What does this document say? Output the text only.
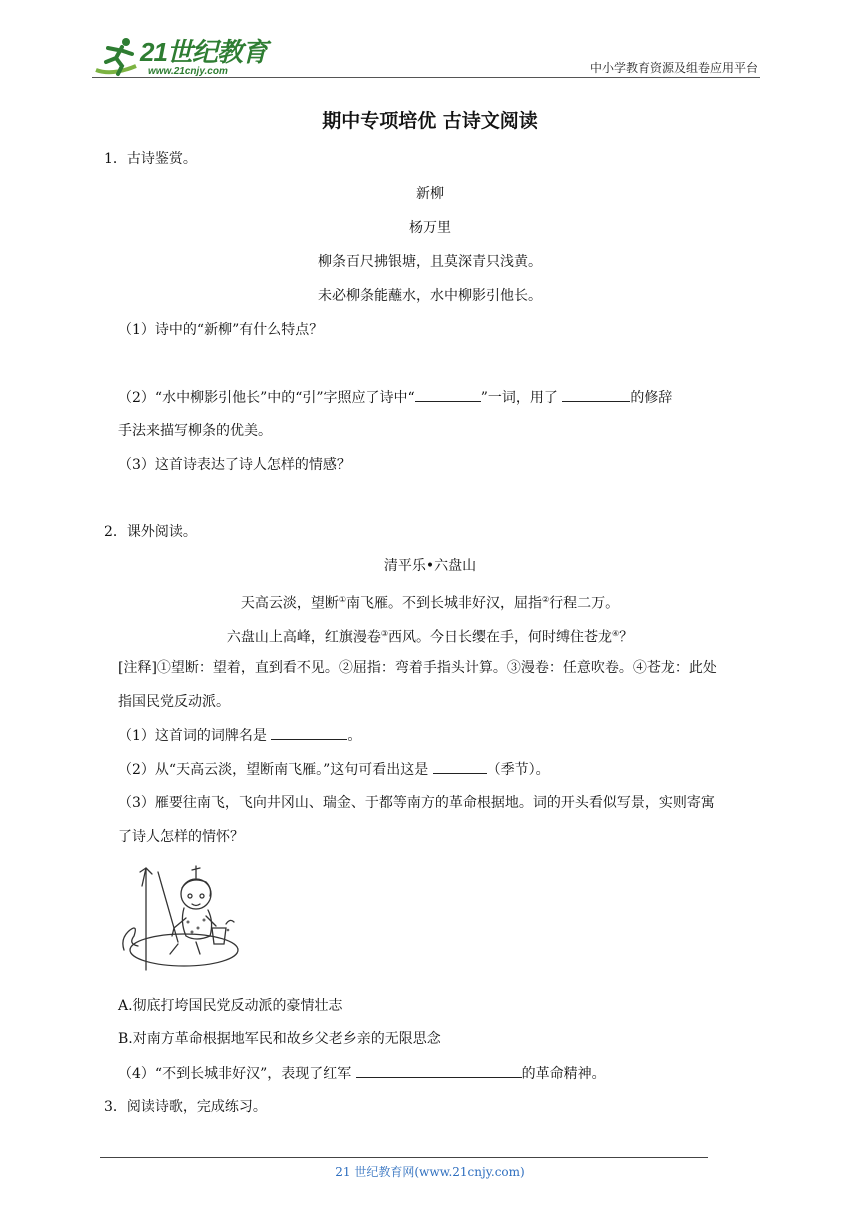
21世纪教育
www.21cnjy.com	中小学教育资源及组卷应用平台
期中专项培优 古诗文阅读
1．古诗鉴赏。
新柳
杨万里
柳条百尺拂银塘，且莫深青只浅黄。
未必柳条能蘸水，水中柳影引他长。
（1）诗中的“新柳”有什么特点？
（2）“水中柳影引他长”中的“引”字照应了诗中“	”一词，用了	的修辞
手法来描写柳条的优美。
（3）这首诗表达了诗人怎样的情感？
2．课外阅读。
清平乐•六盘山
天高云淡，望断①南飞雁。不到长城非好汉，屈指②行程二万。
六盘山上高峰，红旗漫卷③西风。今日长缨在手，何时缚住苍龙④？
[注释]①望断：望着，直到看不见。②屈指：弯着手指头计算。③漫卷：任意吹卷。④苍龙：此处
指国民党反动派。
（1）这首词的词牌名是	。
（2）从“天高云淡，望断南飞雁。”这句可看出这是	（季节）。
（3）雁要往南飞，飞向井冈山、瑞金、于都等南方的革命根据地。词的开头看似写景，实则寄寓
了诗人怎样的情怀？
A.彻底打垮国民党反动派的豪情壮志
B.对南方革命根据地军民和故乡父老乡亲的无限思念
（4）“不到长城非好汉”，表现了红军	的革命精神。
3．阅读诗歌，完成练习。
21 世纪教育网(www.21cnjy.com)
